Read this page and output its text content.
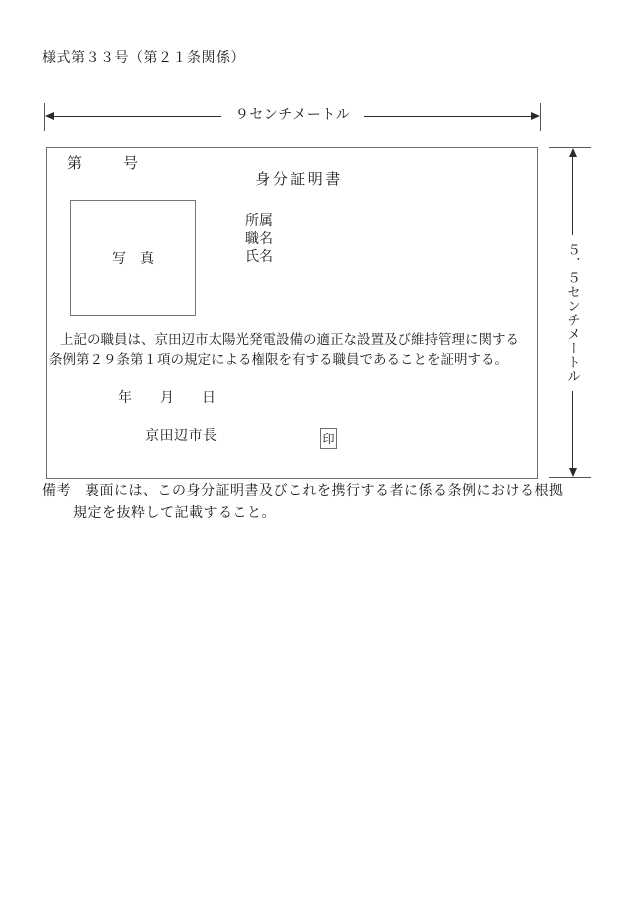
様式第３３号（第２１条関係）
９センチメートル
第	号
身分証明書
写　真
所属
職名
氏名
上記の職員は、京田辺市太陽光発電設備の適正な設置及び維持管理に関する
条例第２９条第１項の規定による権限を有する職員であることを証明する。
年 月 日
京田辺市長	印
５．５センチメートル
備考 裏面には、この身分証明書及びこれを携行する者に係る条例における根拠
規定を抜粋して記載すること。
